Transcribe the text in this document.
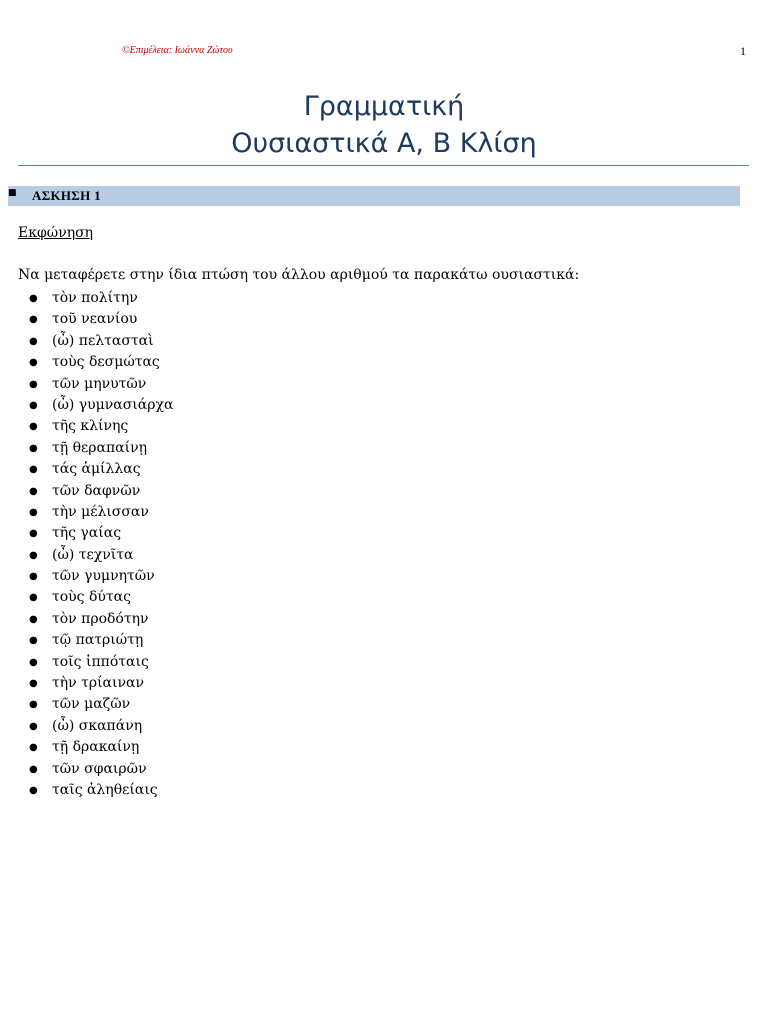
©Επιμέλεια: Ιωάννα Ζώτου	1
Γραμματική
Ουσιαστικά Α, Β Κλίση
■ ΑΣΚΗΣΗ 1
Εκφώνηση
Να μεταφέρετε στην ίδια πτώση του άλλου αριθμού τα παρακάτω ουσιαστικά:
● τὸν πολίτην
● τοῦ νεανίου
● (ὦ) πελτασταὶ
● τοὺς δεσμώτας
● τῶν μηνυτῶν
● (ὦ) γυμνασιάρχα
● τῆς κλίνης
● τῇ θεραπαίνῃ
● τάς ἁμίλλας
● τῶν δαφνῶν
● τὴν μέλισσαν
● τῆς γαίας
● (ὦ) τεχνῖτα
● τῶν γυμνητῶν
● τοὺς δύτας
● τὸν προδότην
● τῷ πατριώτῃ
● τοῖς ἱππόταις
● τὴν τρίαιναν
● τῶν μαζῶν
● (ὦ) σκαπάνη
● τῇ δρακαίνῃ
● τῶν σφαιρῶν
● ταῖς ἀληθείαις
